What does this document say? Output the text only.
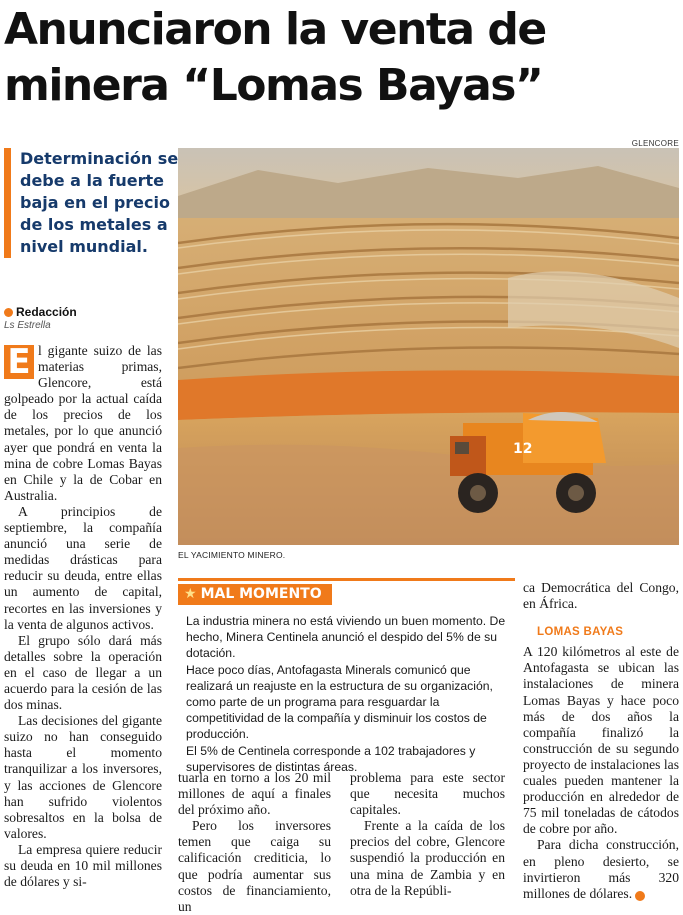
Anunciaron la venta de
minera “Lomas Bayas”
GLENCORE
Determinación se debe a la fuerte baja en el precio de los metales a nivel mundial.
Redacción
Ls Estrella

E l gigante suizo de las materias primas, Glencore, está golpeado por la actual caída de los precios de los metales, por lo que anunció ayer que pondrá en venta la mina de cobre Lomas Bayas en Chile y la de Cobar en Australia.

A principios de septiembre, la compañía anunció una serie de medidas drásticas para reducir su deuda, entre ellas un aumento de capital, recortes en las inversiones y la venta de algunos activos.

El grupo sólo dará más detalles sobre la operación en el caso de llegar a un acuerdo para la cesión de las dos minas.

Las decisiones del gigante suizo no han conseguido hasta el momento tranquilizar a los inversores, y las acciones de Glencore han sufrido violentos sobresaltos en la bolsa de valores.

La empresa quiere reducir su deuda en 10 mil millones de dólares y si-

12
EL YACIMIENTO MINERO.
★ MAL MOMENTO

La industria minera no está viviendo un buen momento. De hecho, Minera Centinela anunció el despido del 5% de su dotación.

Hace poco días, Antofagasta Minerals comunicó que realizará un reajuste en la estructura de su organización, como parte de un programa para resguardar la competitividad de la compañía y disminuir los costos de producción.

El 5% de Centinela corresponde a 102 trabajadores y supervisores de distintas áreas.

tuarla en torno a los 20 mil millones de aquí a finales del próximo año.

Pero los inversores temen que caiga su calificación crediticia, lo que podría aumentar sus costos de financiamiento, un

problema para este sector que necesita muchos capitales.

Frente a la caída de los precios del cobre, Glencore suspendió la producción en una mina de Zambia y en otra de la Repúbli-

ca Democrática del Congo, en África.

LOMAS BAYAS

A 120 kilómetros al este de Antofagasta se ubican las instalaciones de minera Lomas Bayas y hace poco más de dos años la compañía finalizó la construcción de su segundo proyecto de instalaciones las cuales pueden mantener la producción en alrededor de 75 mil toneladas de cátodos de cobre por año.

Para dicha construcción, en pleno desierto, se invirtieron más 320 millones de dólares. ★
